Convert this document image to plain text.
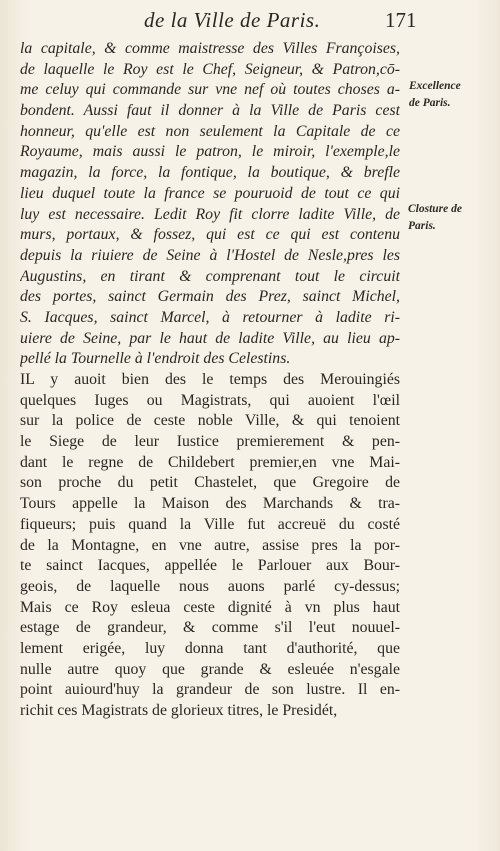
de la Ville de Paris.	171
Excellence
de Paris.
Closture de
Paris.
la capitale, & comme maistresse des Villes Françoises,
de laquelle le Roy est le Chef, Seigneur, & Patron,cō-
me celuy qui commande sur vne nef où toutes choses a-
bondent. Aussi faut il donner à la Ville de Paris cest
honneur, qu'elle est non seulement la Capitale de ce
Royaume, mais aussi le patron, le miroir, l'exemple,le
magazin, la force, la fontique, la boutique, & brefle
lieu duquel toute la france se pouruoid de tout ce qui
luy est necessaire. Ledit Roy fit clorre ladite Ville, de
murs, portaux, & fossez, qui est ce qui est contenu
depuis la riuiere de Seine à l'Hostel de Nesle,pres les
Augustins, en tirant & comprenant tout le circuit
des portes, sainct Germain des Prez, sainct Michel,
S. Iacques, sainct Marcel, à retourner à ladite ri-
uiere de Seine, par le haut de ladite Ville, au lieu ap-
pellé la Tournelle à l'endroit des Celestins.
IL y auoit bien des le temps des Merouingiés
quelques Iuges ou Magistrats, qui auoient l'œil
sur la police de ceste noble Ville, & qui tenoient
le Siege de leur Iustice premierement & pen-
dant le regne de Childebert premier,en vne Mai-
son proche du petit Chastelet, que Gregoire de
Tours appelle la Maison des Marchands & tra-
fiqueurs; puis quand la Ville fut accreuë du costé
de la Montagne, en vne autre, assise pres la por-
te sainct Iacques, appellée le Parlouer aux Bour-
geois, de laquelle nous auons parlé cy-dessus;
Mais ce Roy esleua ceste dignité à vn plus haut
estage de grandeur, & comme s'il l'eut nouuel-
lement erigée, luy donna tant d'authorité, que
nulle autre quoy que grande & esleuée n'esgale
point auiourd'huy la grandeur de son lustre. Il en-
richit ces Magistrats de glorieux titres, le Presidét,
